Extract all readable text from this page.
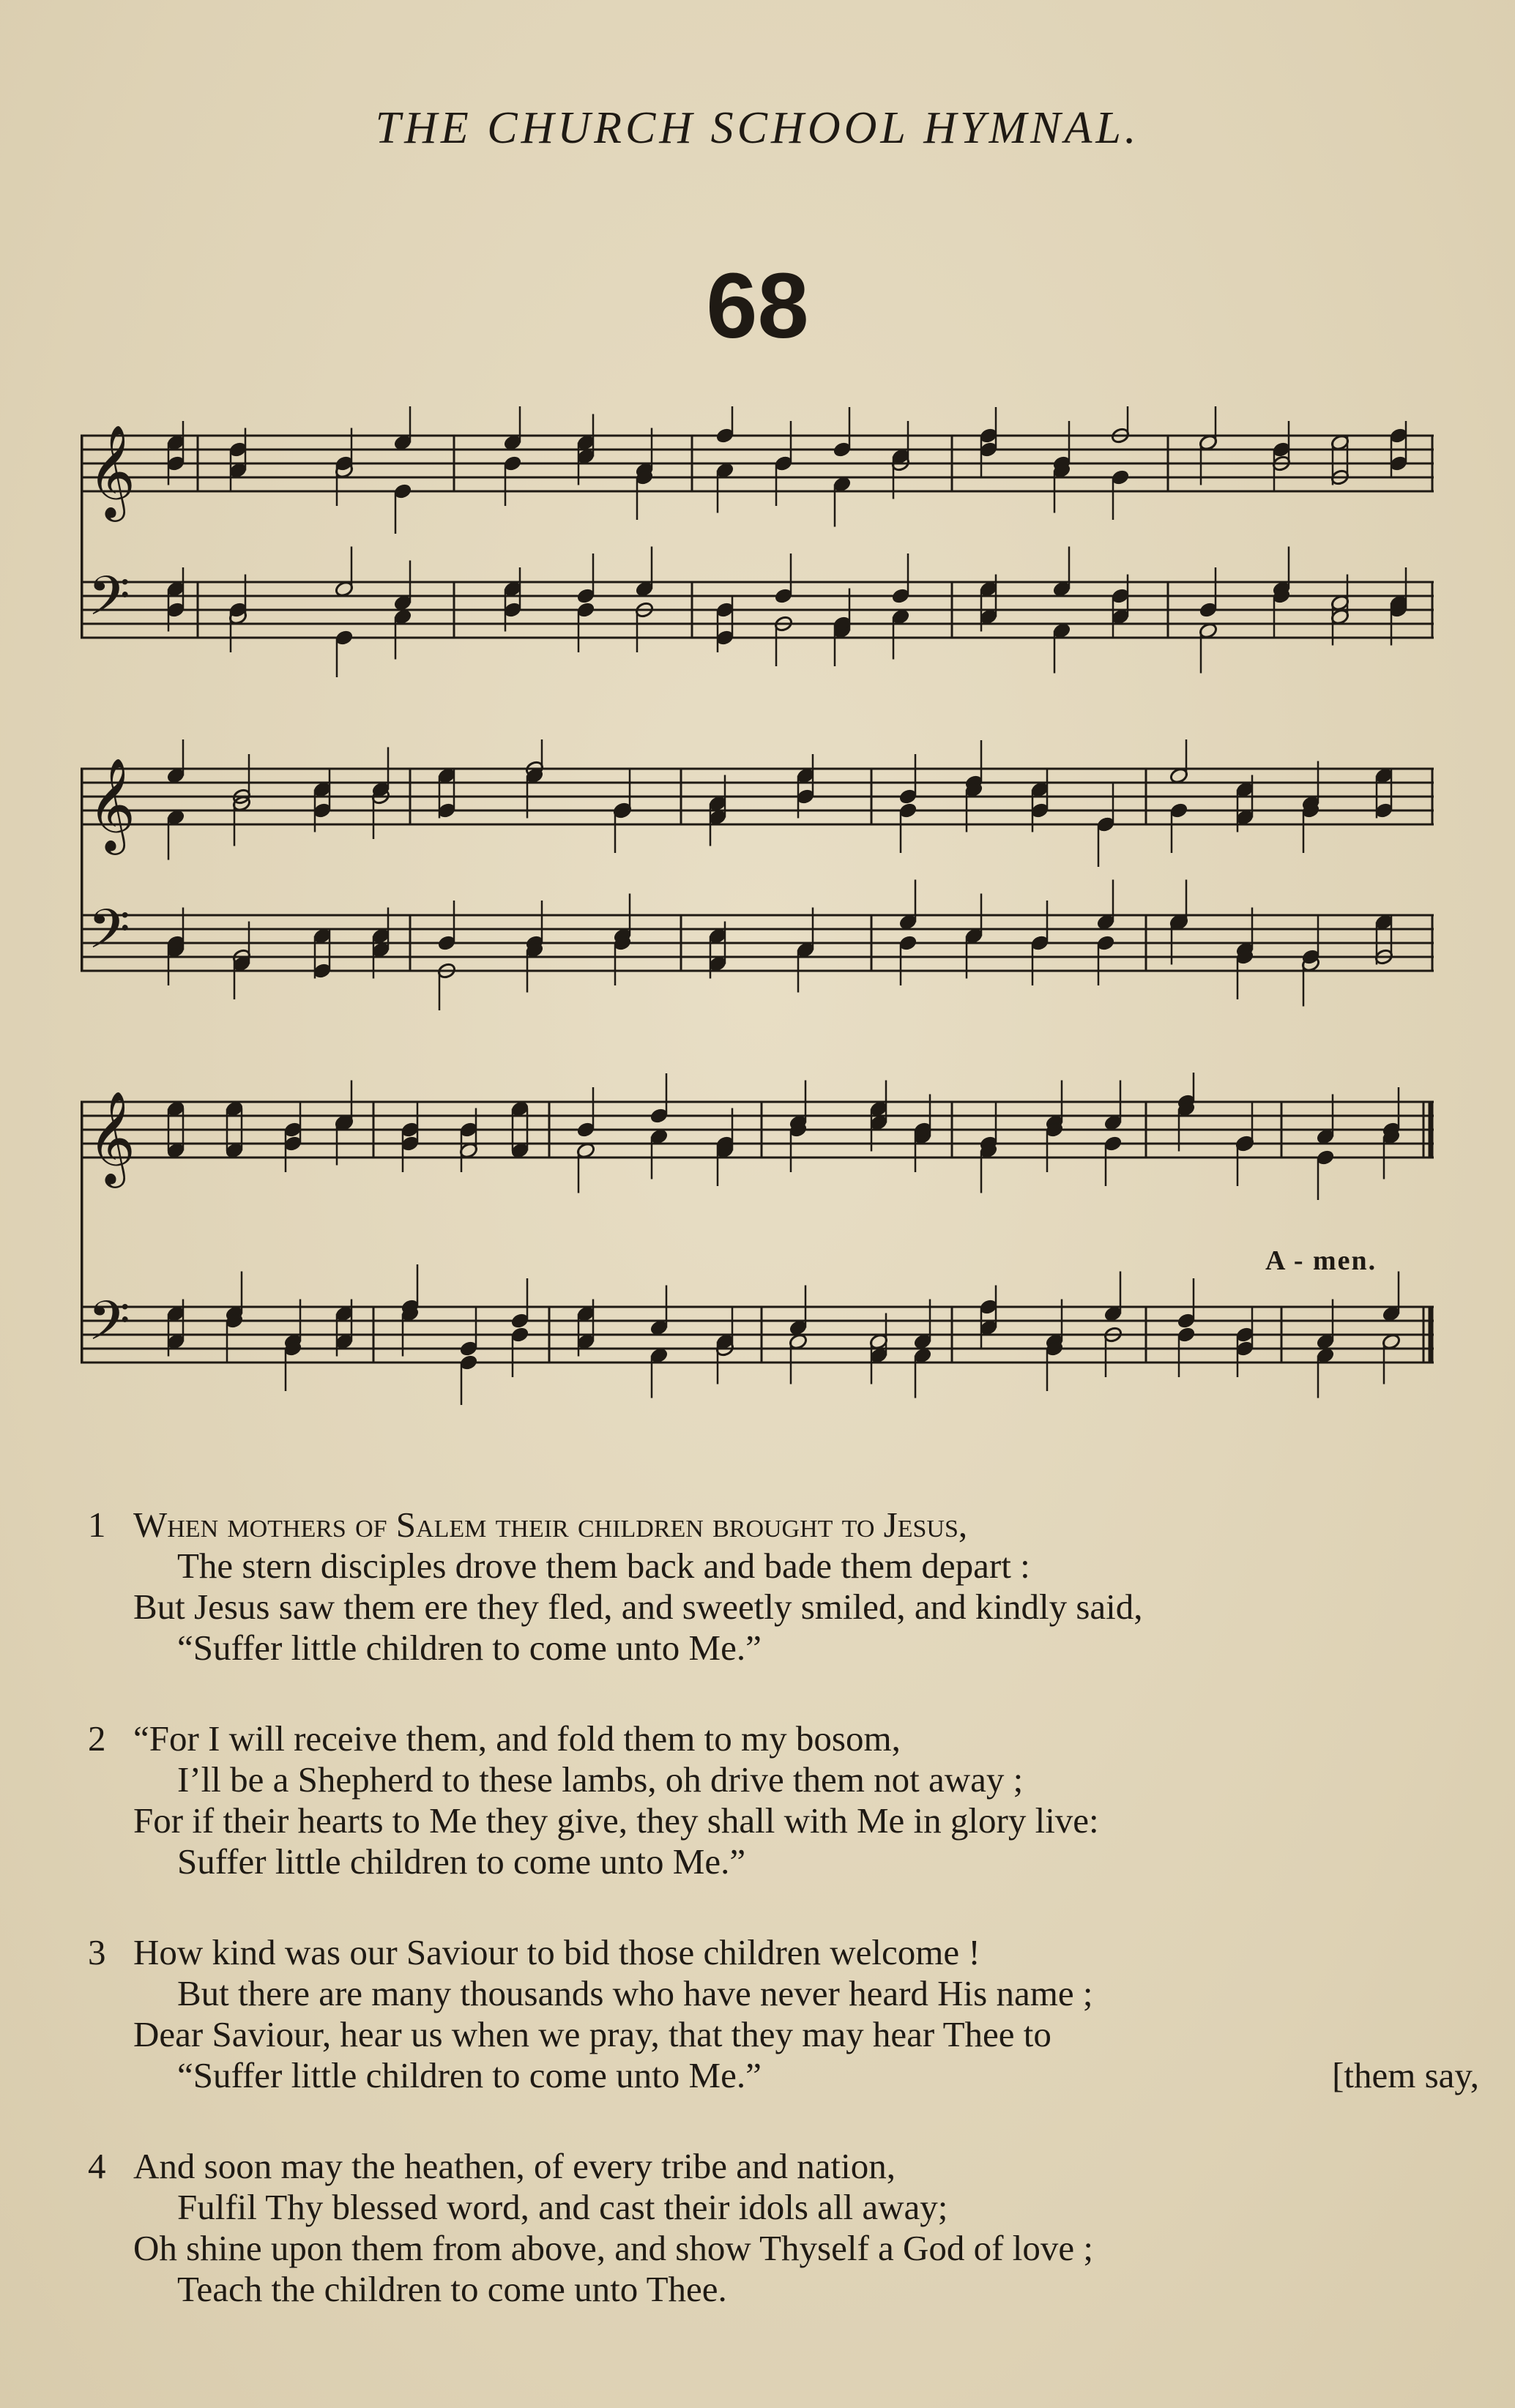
THE CHURCH SCHOOL HYMNAL.
68
𝄞
𝄢
𝄞
𝄢
𝄞
𝄢
A - men.
1 When mothers of Salem their children brought to Jesus,
The stern disciples drove them back and bade them depart :
But Jesus saw them ere they fled, and sweetly smiled, and kindly said,
“Suffer little children to come unto Me.”
2 “For I will receive them, and fold them to my bosom,
I’ll be a Shepherd to these lambs, oh drive them not away ;
For if their hearts to Me they give, they shall with Me in glory live:
Suffer little children to come unto Me.”
3 How kind was our Saviour to bid those children welcome !
But there are many thousands who have never heard His name ;
Dear Saviour, hear us when we pray, that they may hear Thee to
“Suffer little children to come unto Me.”	[them say,
4 And soon may the heathen, of every tribe and nation,
Fulfil Thy blessed word, and cast their idols all away;
Oh shine upon them from above, and show Thyself a God of love ;
Teach the children to come unto Thee.
